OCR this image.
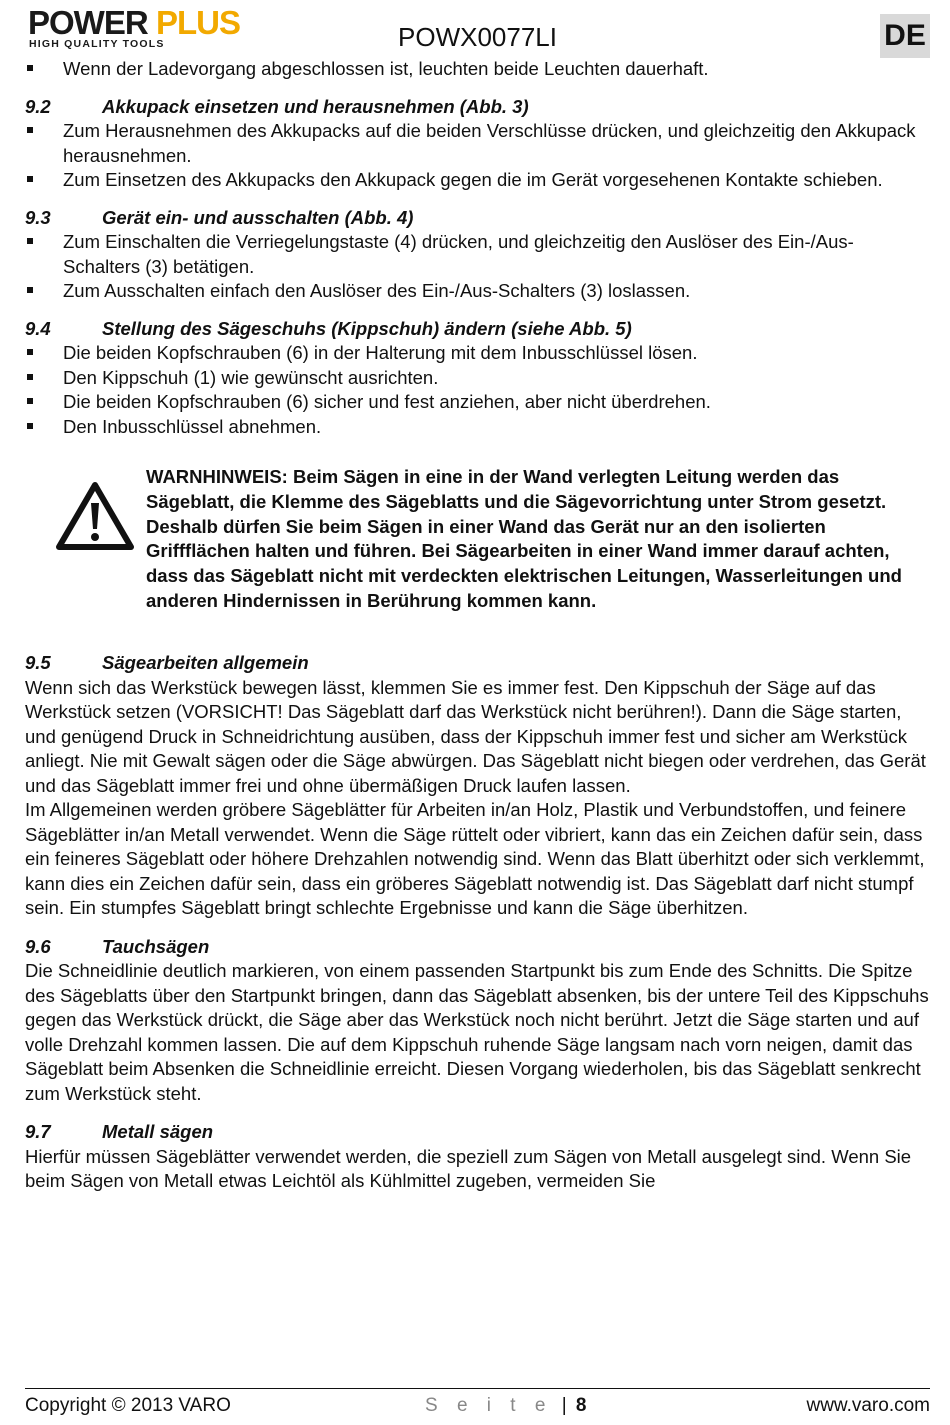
POWER PLUS
HIGH QUALITY TOOLS	POWX0077LI	DE
Wenn der Ladevorgang abgeschlossen ist, leuchten beide Leuchten dauerhaft.
9.2	Akkupack einsetzen und herausnehmen (Abb. 3)
Zum Herausnehmen des Akkupacks auf die beiden Verschlüsse drücken, und gleichzeitig den Akkupack herausnehmen.
Zum Einsetzen des Akkupacks den Akkupack gegen die im Gerät vorgesehenen Kontakte schieben.
9.3	Gerät ein- und ausschalten (Abb. 4)
Zum Einschalten die Verriegelungstaste (4) drücken, und gleichzeitig den Auslöser des Ein-/Aus-Schalters (3) betätigen.
Zum Ausschalten einfach den Auslöser des Ein-/Aus-Schalters (3) loslassen.
9.4	Stellung des Sägeschuhs (Kippschuh) ändern (siehe Abb. 5)
Die beiden Kopfschrauben (6) in der Halterung mit dem Inbusschlüssel lösen.
Den Kippschuh (1) wie gewünscht ausrichten.
Die beiden Kopfschrauben (6) sicher und fest anziehen, aber nicht überdrehen.
Den Inbusschlüssel abnehmen.

WARNHINWEIS: Beim Sägen in eine in der Wand verlegten Leitung werden das Sägeblatt, die Klemme des Sägeblatts und die Sägevorrichtung unter Strom gesetzt. Deshalb dürfen Sie beim Sägen in einer Wand das Gerät nur an den isolierten Griffflächen halten und führen. Bei Sägearbeiten in einer Wand immer darauf achten, dass das Sägeblatt nicht mit verdeckten elektrischen Leitungen, Wasserleitungen und anderen Hindernissen in Berührung kommen kann.

9.5	Sägearbeiten allgemein

Wenn sich das Werkstück bewegen lässt, klemmen Sie es immer fest. Den Kippschuh der Säge auf das Werkstück setzen (VORSICHT! Das Sägeblatt darf das Werkstück nicht berühren!). Dann die Säge starten, und genügend Druck in Schneidrichtung ausüben, dass der Kippschuh immer fest und sicher am Werkstück anliegt. Nie mit Gewalt sägen oder die Säge abwürgen. Das Sägeblatt nicht biegen oder verdrehen, das Gerät und das Sägeblatt immer frei und ohne übermäßigen Druck laufen lassen.

Im Allgemeinen werden gröbere Sägeblätter für Arbeiten in/an Holz, Plastik und Verbundstoffen, und feinere Sägeblätter in/an Metall verwendet. Wenn die Säge rüttelt oder vibriert, kann das ein Zeichen dafür sein, dass ein feineres Sägeblatt oder höhere Drehzahlen notwendig sind. Wenn das Blatt überhitzt oder sich verklemmt, kann dies ein Zeichen dafür sein, dass ein gröberes Sägeblatt notwendig ist. Das Sägeblatt darf nicht stumpf sein. Ein stumpfes Sägeblatt bringt schlechte Ergebnisse und kann die Säge überhitzen.

9.6	Tauchsägen

Die Schneidlinie deutlich markieren, von einem passenden Startpunkt bis zum Ende des Schnitts. Die Spitze des Sägeblatts über den Startpunkt bringen, dann das Sägeblatt absenken, bis der untere Teil des Kippschuhs gegen das Werkstück drückt, die Säge aber das Werkstück noch nicht berührt. Jetzt die Säge starten und auf volle Drehzahl kommen lassen. Die auf dem Kippschuh ruhende Säge langsam nach vorn neigen, damit das Sägeblatt beim Absenken die Schneidlinie erreicht. Diesen Vorgang wiederholen, bis das Sägeblatt senkrecht zum Werkstück steht.

9.7	Metall sägen

Hierfür müssen Sägeblätter verwendet werden, die speziell zum Sägen von Metall ausgelegt sind. Wenn Sie beim Sägen von Metall etwas Leichtöl als Kühlmittel zugeben, vermeiden Sie

Copyright © 2013 VARO	S e i t e | 8	www.varo.com
